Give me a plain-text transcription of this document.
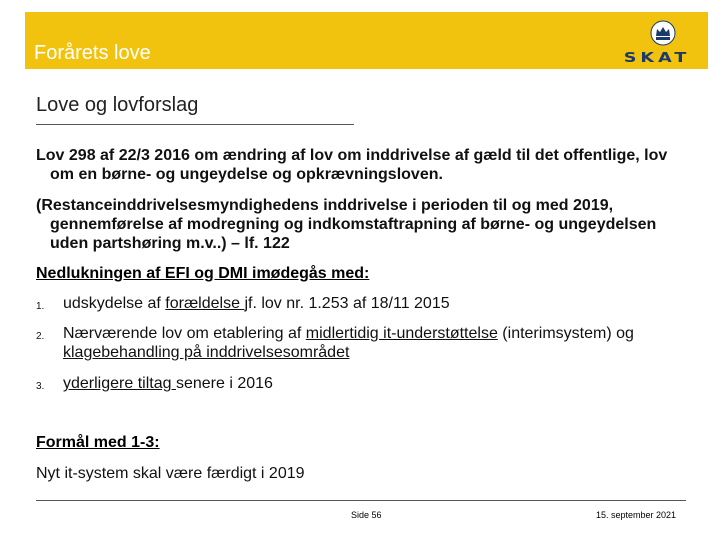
Forårets love	SKAT
Love og lovforslag
Lov 298 af 22/3 2016 om ændring af lov om inddrivelse af gæld til det offentlige, lov om en børne- og ungeydelse og opkrævningsloven.
(Restanceinddrivelsesmyndighedens inddrivelse i perioden til og med 2019, gennemførelse af modregning og indkomstaftrapning af børne- og ungeydelsen uden partshøring m.v..) – lf. 122
Nedlukningen af EFI og DMI imødegås med:
1. udskydelse af forældelse jf. lov nr. 1.253 af 18/11 2015
2. Nærværende lov om etablering af midlertidig it-understøttelse (interimsystem) og klagebehandling på inddrivelsesområdet
3. yderligere tiltag senere i 2016
Formål med 1-3:
Nyt it-system skal være færdigt i 2019
Side 56	15. september 2021
